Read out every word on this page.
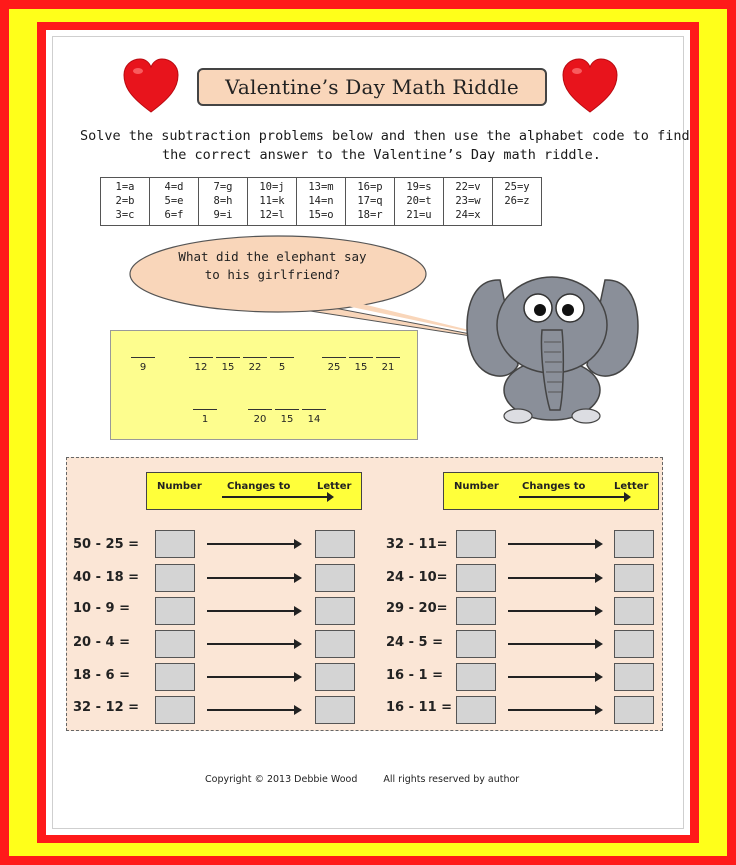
Valentine’s Day Math Riddle
Solve the subtraction problems below and then use the alphabet code to find
the correct answer to the Valentine’s Day math riddle.
1=a
2=b
3=c

4=d
5=e
6=f

7=g
8=h
9=i

10=j
11=k
12=l

13=m
14=n
15=o

16=p
17=q
18=r

19=s
20=t
21=u

22=v
23=w
24=x

25=y
26=z
What did the elephant say
to his girlfriend?
9	12	15	22	5	25	15	21
1	20	15	14
Number	Changes to	Letter	Number Changes to	Letter
50 - 25 =
40 - 18 =
10 - 9 =
20 - 4 =
18 - 6 =
32 - 12 =
32 - 11=
24 - 10=
29 - 20=
24 - 5 =
16 - 1 =
16 - 11 =
Copyright © 2013 Debbie Wood	All rights reserved by author
